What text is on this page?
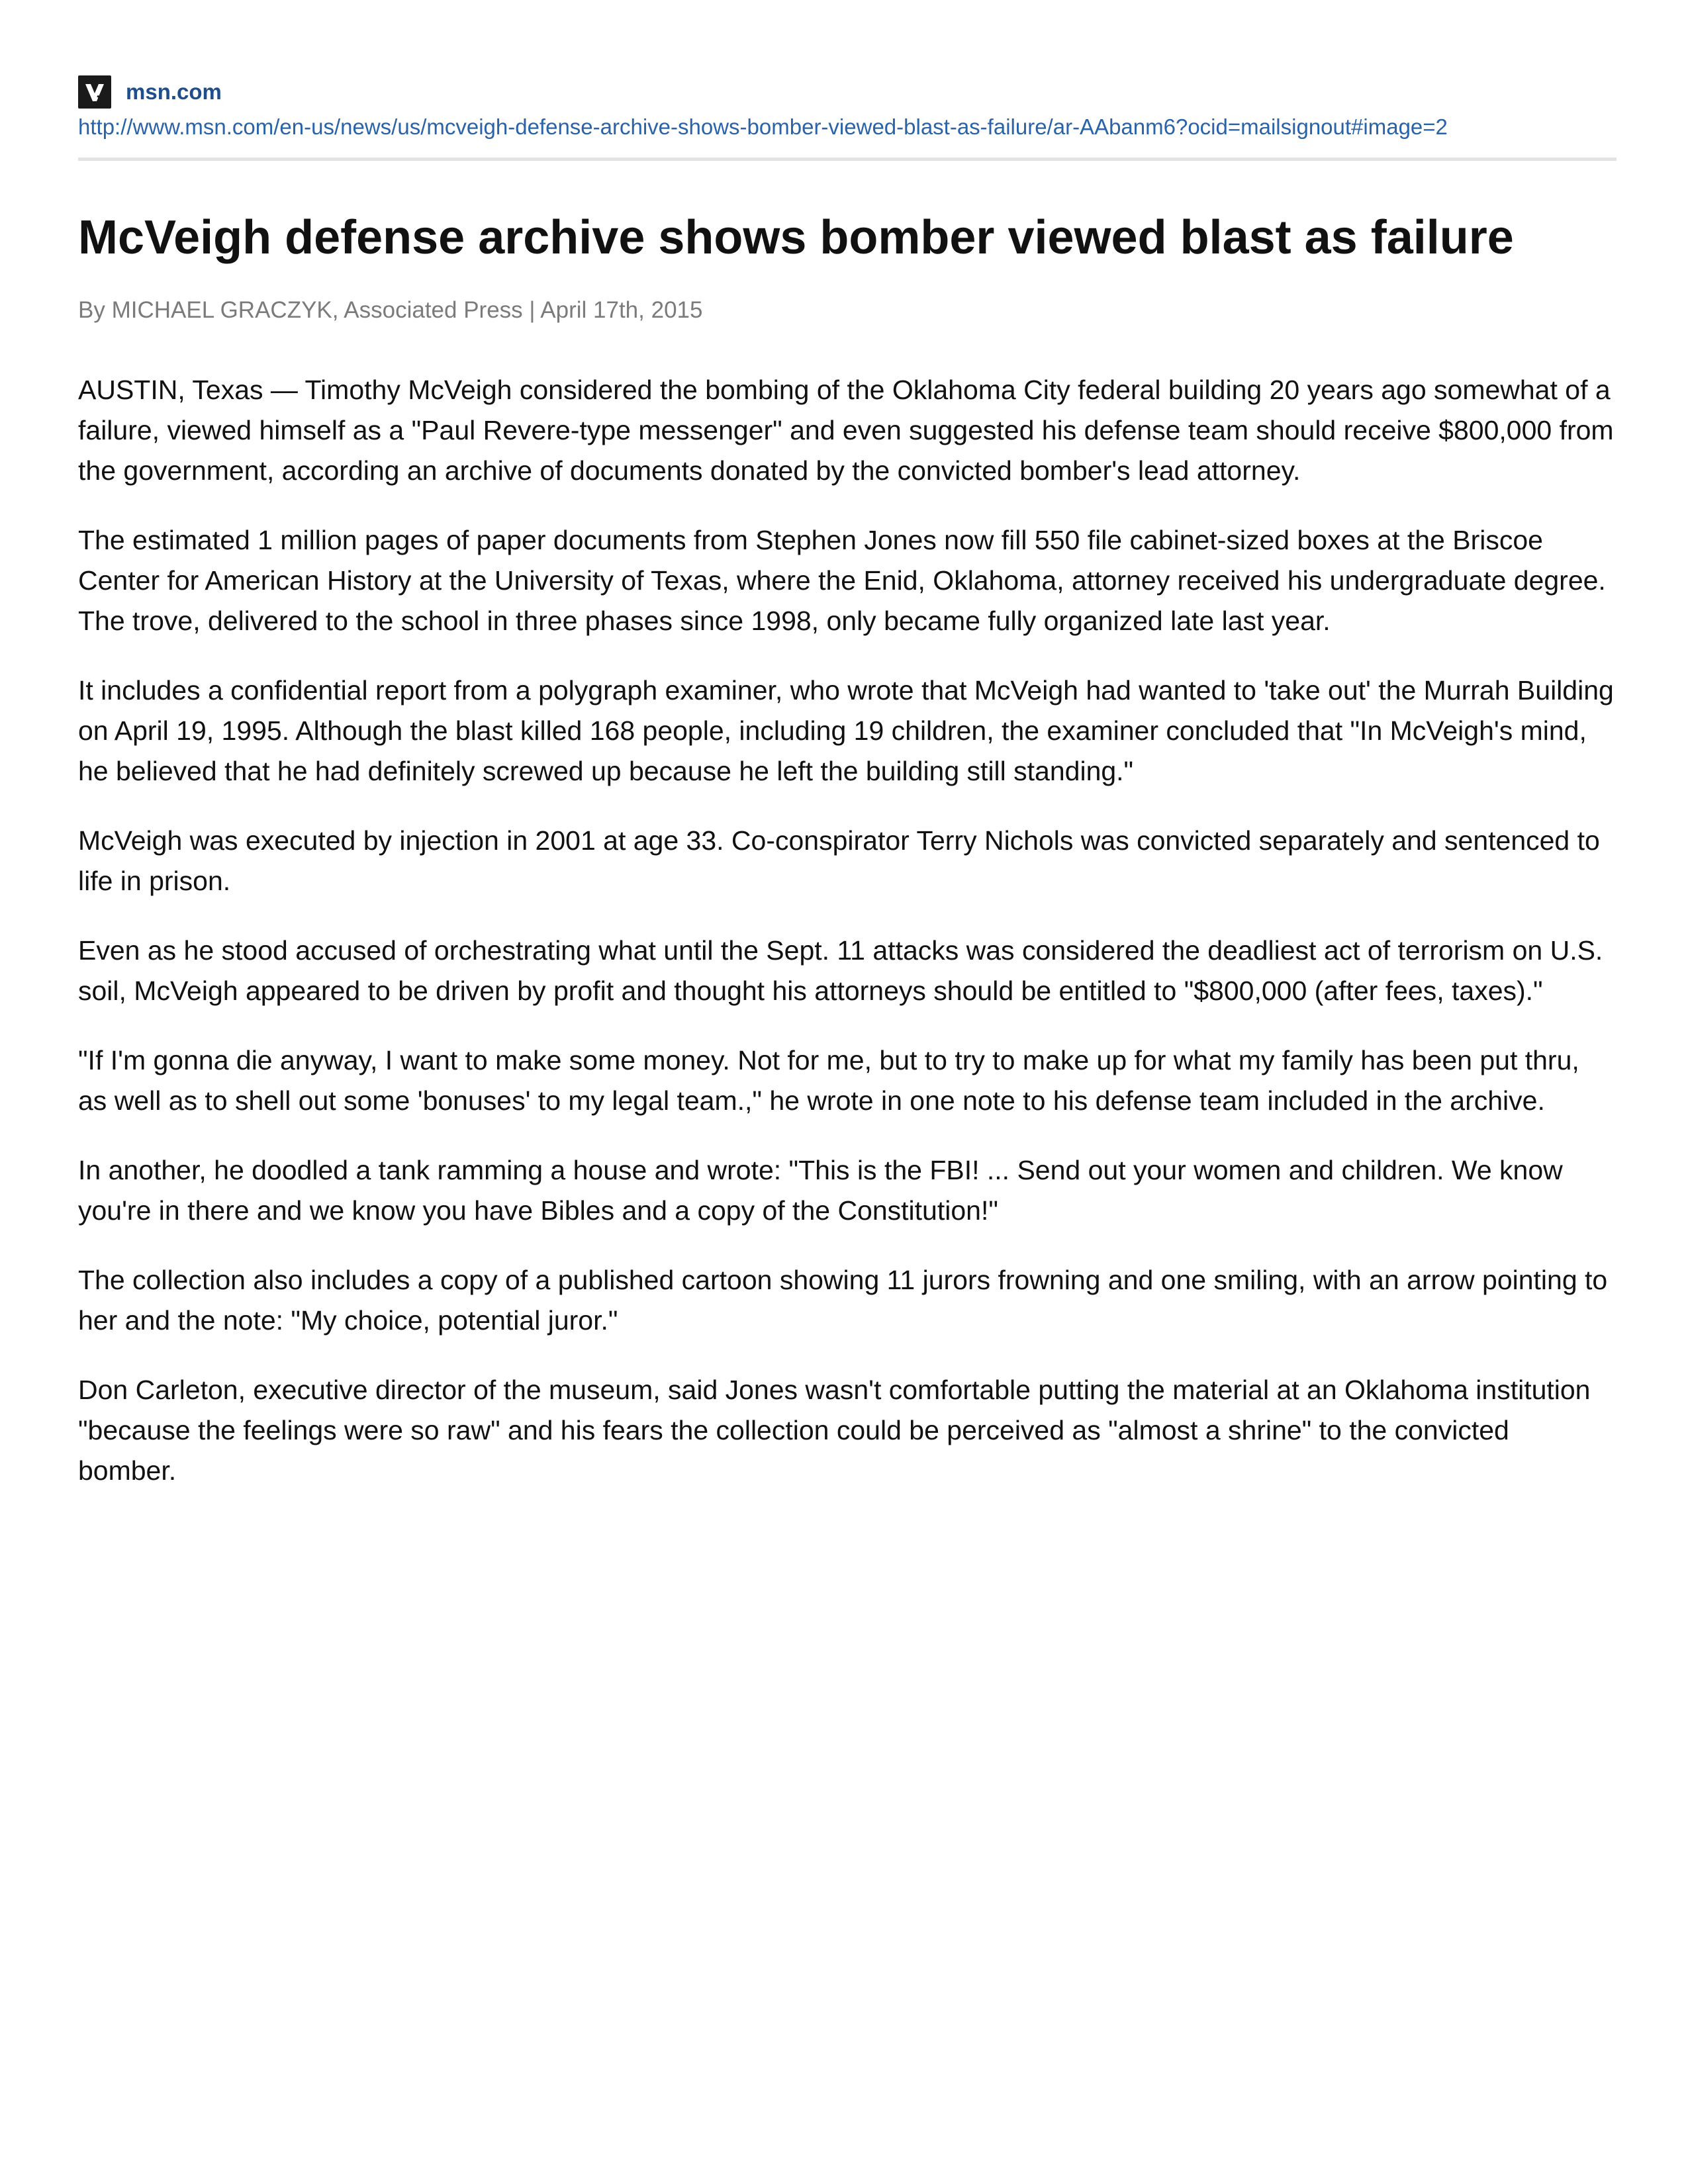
msn.com
http://www.msn.com/en-us/news/us/mcveigh-defense-archive-shows-bomber-viewed-blast-as-failure/ar-AAbanm6?ocid=mailsignout#image=2
McVeigh defense archive shows bomber viewed blast as failure
By MICHAEL GRACZYK, Associated Press | April 17th, 2015

AUSTIN, Texas — Timothy McVeigh considered the bombing of the Oklahoma City federal building 20 years ago somewhat of a failure, viewed himself as a "Paul Revere-type messenger" and even suggested his defense team should receive $800,000 from the government, according an archive of documents donated by the convicted bomber's lead attorney.

The estimated 1 million pages of paper documents from Stephen Jones now fill 550 file cabinet-sized boxes at the Briscoe Center for American History at the University of Texas, where the Enid, Oklahoma, attorney received his undergraduate degree. The trove, delivered to the school in three phases since 1998, only became fully organized late last year.

It includes a confidential report from a polygraph examiner, who wrote that McVeigh had wanted to 'take out' the Murrah Building on April 19, 1995. Although the blast killed 168 people, including 19 children, the examiner concluded that "In McVeigh's mind, he believed that he had definitely screwed up because he left the building still standing."

McVeigh was executed by injection in 2001 at age 33. Co-conspirator Terry Nichols was convicted separately and sentenced to life in prison.

Even as he stood accused of orchestrating what until the Sept. 11 attacks was considered the deadliest act of terrorism on U.S. soil, McVeigh appeared to be driven by profit and thought his attorneys should be entitled to "$800,000 (after fees, taxes)."

"If I'm gonna die anyway, I want to make some money. Not for me, but to try to make up for what my family has been put thru, as well as to shell out some 'bonuses' to my legal team.," he wrote in one note to his defense team included in the archive.

In another, he doodled a tank ramming a house and wrote: "This is the FBI! ... Send out your women and children. We know you're in there and we know you have Bibles and a copy of the Constitution!"

The collection also includes a copy of a published cartoon showing 11 jurors frowning and one smiling, with an arrow pointing to her and the note: "My choice, potential juror."

Don Carleton, executive director of the museum, said Jones wasn't comfortable putting the material at an Oklahoma institution "because the feelings were so raw" and his fears the collection could be perceived as "almost a shrine" to the convicted bomber.
